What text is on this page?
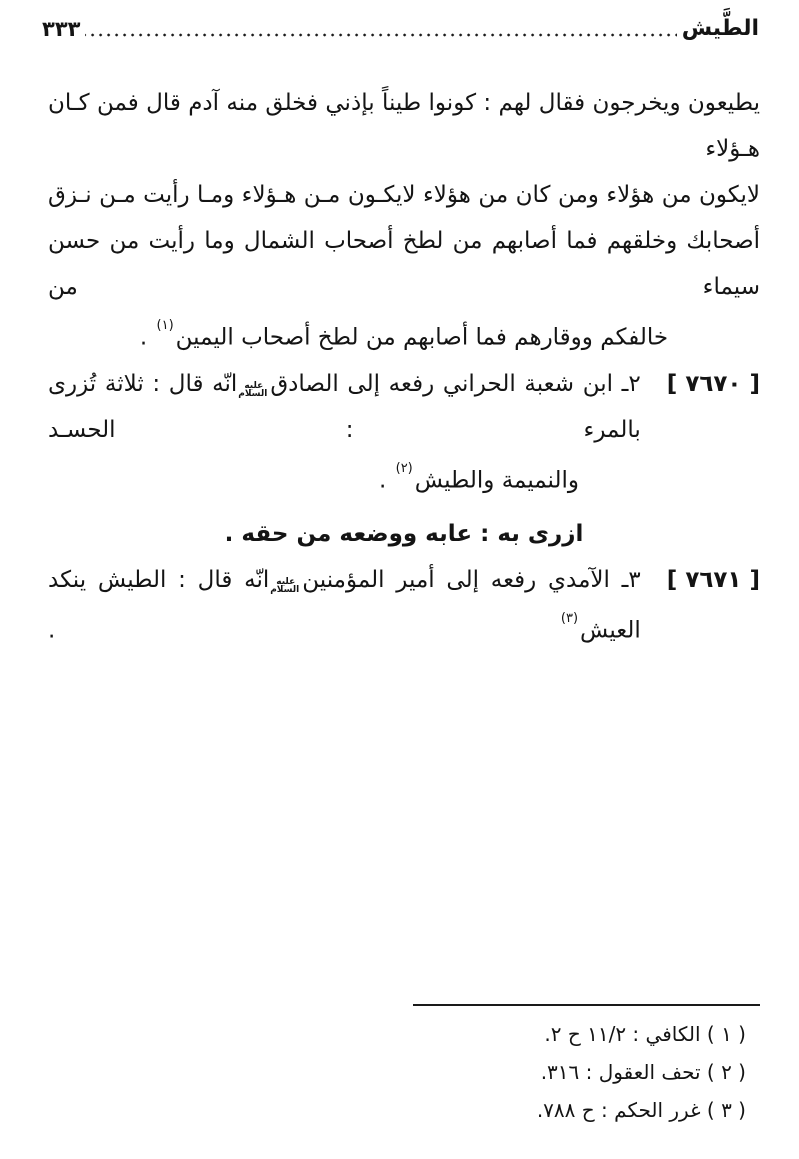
الطَّيش
٣٣٣
يطيعون ويخرجون فقال لهم : كونوا طيناً بإذني فخلق منه آدم قال فمن كـان هـؤلاء
لايكون من هؤلاء ومن كان من هؤلاء لايكـون مـن هـؤلاء ومـا رأيت مـن نـزق
أصحابك وخلقهم فما أصابهم من لطخ أصحاب الشمال وما رأيت من حسن سيماء من
خالفكم ووقارهم فما أصابهم من لطخ أصحاب اليمين$^{(١)}$ .
[ ٧٦٧٠ ]
٢ـ ابن شعبة الحراني رفعه إلى الصادقعليه السلامانّه قال : ثلاثة تُزرى بالمرء : الحسـد
والنميمة والطيش$^{(٢)}$ .
ازرى به : عابه ووضعه من حقه .
[ ٧٦٧١ ]
٣ـ الآمدي رفعه إلى أمير المؤمنينعليه السلامانّه قال : الطيش ينكد العيش$^{(٣)}$ .
( ١ ) الكافي : ١١/٢ ح ٢.
( ٢ ) تحف العقول : ٣١٦.
( ٣ ) غرر الحكم : ح ٧٨٨.
